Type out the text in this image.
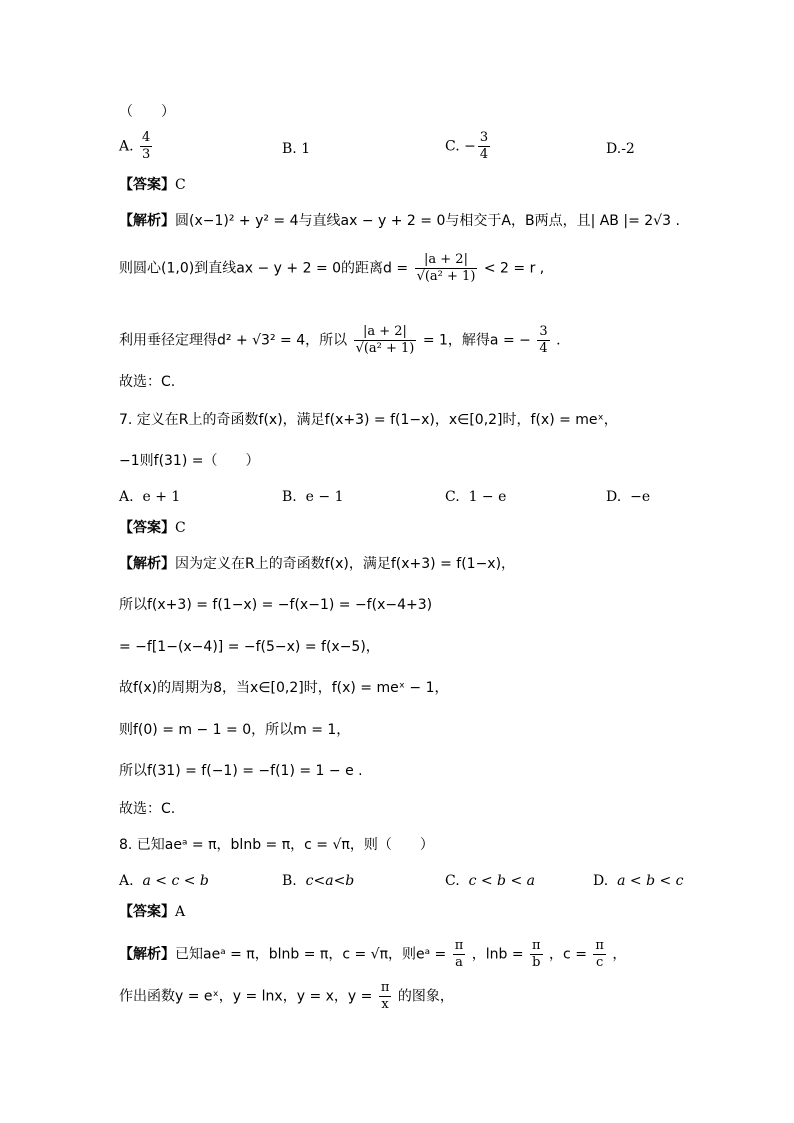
（　　）
A. $\frac{4}{3}$	B. 1	C. − $\frac{3}{4}$	D.-2
【答案】C
【解析】圆(x−1)² + y² = 4与直线ax − y + 2 = 0与相交于A，B两点，且| AB |= 2√3 .
则圆心(1,0)到直线ax − y + 2 = 0的距离$d = \frac{|a + 2|}{\text{√(a² + 1)}} < 2 = r$ ,
利用垂径定理得d² + √3² = 4，所以 $\frac{|a + 2|}{\text{√(a² + 1)}} = 1$，解得a = − $\frac{3}{4}$ .
故选：C.
7. 定义在R上的奇函数f(x)，满足f(x+3) = f(1−x)，x∈[0,2]时，f(x) = meˣ，
−1则f(31) =（　　）
A. e + 1	B. e − 1	C. 1 − e	D. −e
【答案】C
【解析】因为定义在R上的奇函数f(x)，满足f(x+3) = f(1−x)，
所以f(x+3) = f(1−x) = −f(x−1) = −f(x−4+3)
= −f[1−(x−4)] = −f(5−x) = f(x−5)，
故f(x)的周期为8，当x∈[0,2]时，f(x) = meˣ − 1，
则f(0) = m − 1 = 0，所以m = 1，
所以f(31) = f(−1) = −f(1) = 1 − e .
故选：C.
8. 已知aeᵃ = π，blnb = π，c = √π，则（　　）
A. a < c < b	B. c<a<b	C. c < b < a	D. a < b < c
【答案】A
【解析】已知aeᵃ = π，blnb = π，c = √π，则eᵃ = $\frac{\pi}{a}$ ，$\ln b = \frac{\pi}{b}$ ，$c = \frac{\pi}{c}$ ，
作出函数y = eˣ，y = lnx，y = x，$y = \frac{\pi}{x}$ 的图象，
